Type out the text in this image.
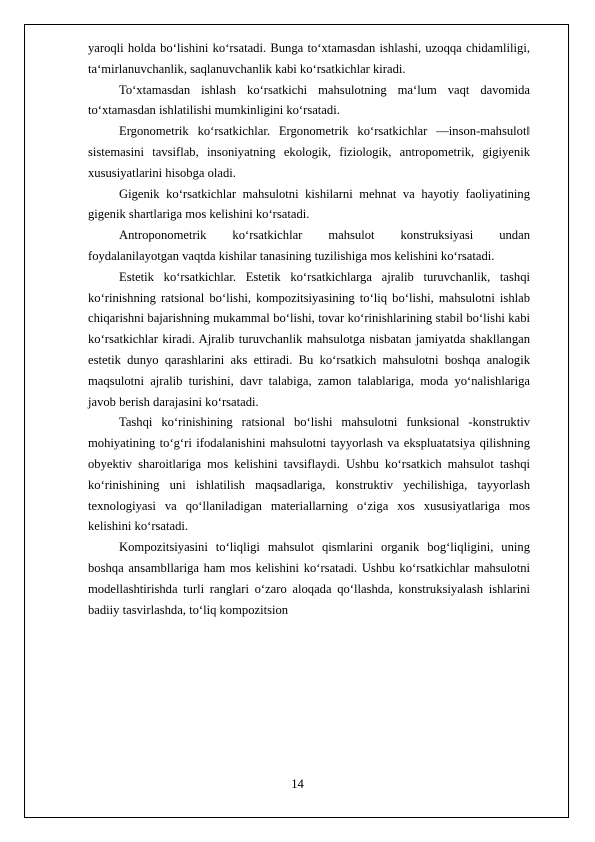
yaroqli holda bo‘lishini ko‘rsatadi. Bunga to‘xtamasdan ishlashi, uzoqqa chidamliligi, ta‘mirlanuvchanlik, saqlanuvchanlik kabi ko‘rsatkichlar kiradi.

To‘xtamasdan ishlash ko‘rsatkichi mahsulotning ma‘lum vaqt davomida to‘xtamasdan ishlatilishi mumkinligini ko‘rsatadi.

Ergonometrik ko‘rsatkichlar. Ergonometrik ko‘rsatkichlar ―inson-mahsulot‖ sistemasini tavsiflab, insoniyatning ekologik, fiziologik, antropometrik, gigiyenik xususiyatlarini hisobga oladi.

Gigenik ko‘rsatkichlar mahsulotni kishilarni mehnat va hayotiy faoliyatining gigenik shartlariga mos kelishini ko‘rsatadi.

Antroponometrik ko‘rsatkichlar mahsulot konstruksiyasi undan foydalanilayotgan vaqtda kishilar tanasining tuzilishiga mos kelishini ko‘rsatadi.

Estetik ko‘rsatkichlar. Estetik ko‘rsatkichlarga ajralib turuvchanlik, tashqi ko‘rinishning ratsional bo‘lishi, kompozitsiyasining to‘liq bo‘lishi, mahsulotni ishlab chiqarishni bajarishning mukammal bo‘lishi, tovar ko‘rinishlarining stabil bo‘lishi kabi ko‘rsatkichlar kiradi. Ajralib turuvchanlik mahsulotga nisbatan jamiyatda shakllangan estetik dunyo qarashlarini aks ettiradi. Bu ko‘rsatkich mahsulotni boshqa analogik maqsulotni ajralib turishini, davr talabiga, zamon talablariga, moda yo‘nalishlariga javob berish darajasini ko‘rsatadi.

Tashqi ko‘rinishining ratsional bo‘lishi mahsulotni funksional -konstruktiv mohiyatining to‘g‘ri ifodalanishini mahsulotni tayyorlash va ekspluatatsiya qilishning obyektiv sharoitlariga mos kelishini tavsiflaydi. Ushbu ko‘rsatkich mahsulot tashqi ko‘rinishining uni ishlatilish maqsadlariga, konstruktiv yechilishiga, tayyorlash texnologiyasi va qo‘llaniladigan materiallarning o‘ziga xos xususiyatlariga mos kelishini ko‘rsatadi.

Kompozitsiyasini to‘liqligi mahsulot qismlarini organik bog‘liqligini, uning boshqa ansambllariga ham mos kelishini ko‘rsatadi. Ushbu ko‘rsatkichlar mahsulotni modellashtirishda turli ranglari o‘zaro aloqada qo‘llashda, konstruksiyalash ishlarini badiiy tasvirlashda, to‘liq kompozitsion

14
